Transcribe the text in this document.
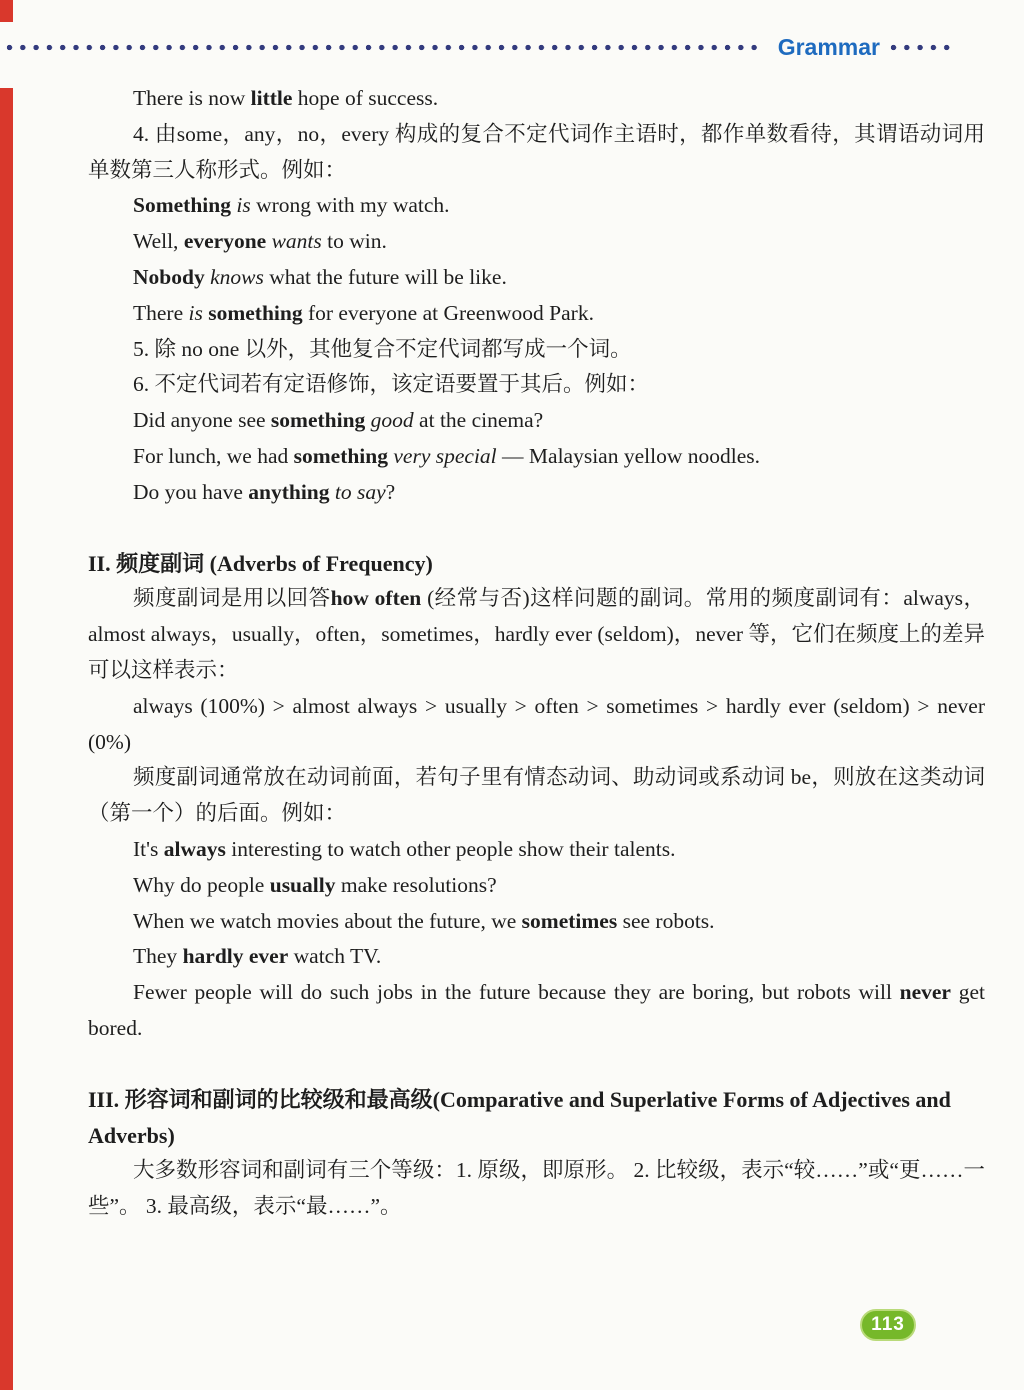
Grammar

There is now little hope of success.

4. 由some，any，no，every 构成的复合不定代词作主语时，都作单数看待，其谓语动词用单数第三人称形式。例如：

Something is wrong with my watch.

Well, everyone wants to win.

Nobody knows what the future will be like.

There is something for everyone at Greenwood Park.

5. 除 no one 以外，其他复合不定代词都写成一个词。

6. 不定代词若有定语修饰，该定语要置于其后。例如：

Did anyone see something good at the cinema?

For lunch, we had something very special — Malaysian yellow noodles.

Do you have anything to say?

II. 频度副词 (Adverbs of Frequency)

频度副词是用以回答how often (经常与否)这样问题的副词。常用的频度副词有：always，almost always，usually，often，sometimes，hardly ever (seldom)，never 等，它们在频度上的差异可以这样表示：

always (100%) > almost always > usually > often > sometimes > hardly ever (seldom) > never (0%)

频度副词通常放在动词前面，若句子里有情态动词、助动词或系动词 be，则放在这类动词（第一个）的后面。例如：

It's always interesting to watch other people show their talents.

Why do people usually make resolutions?

When we watch movies about the future, we sometimes see robots.

They hardly ever watch TV.

Fewer people will do such jobs in the future because they are boring, but robots will never get bored.

III. 形容词和副词的比较级和最高级(Comparative and Superlative Forms of Adjectives and Adverbs)

大多数形容词和副词有三个等级：1. 原级，即原形。 2. 比较级，表示“较……”或“更……一些”。 3. 最高级，表示“最……”。

113
